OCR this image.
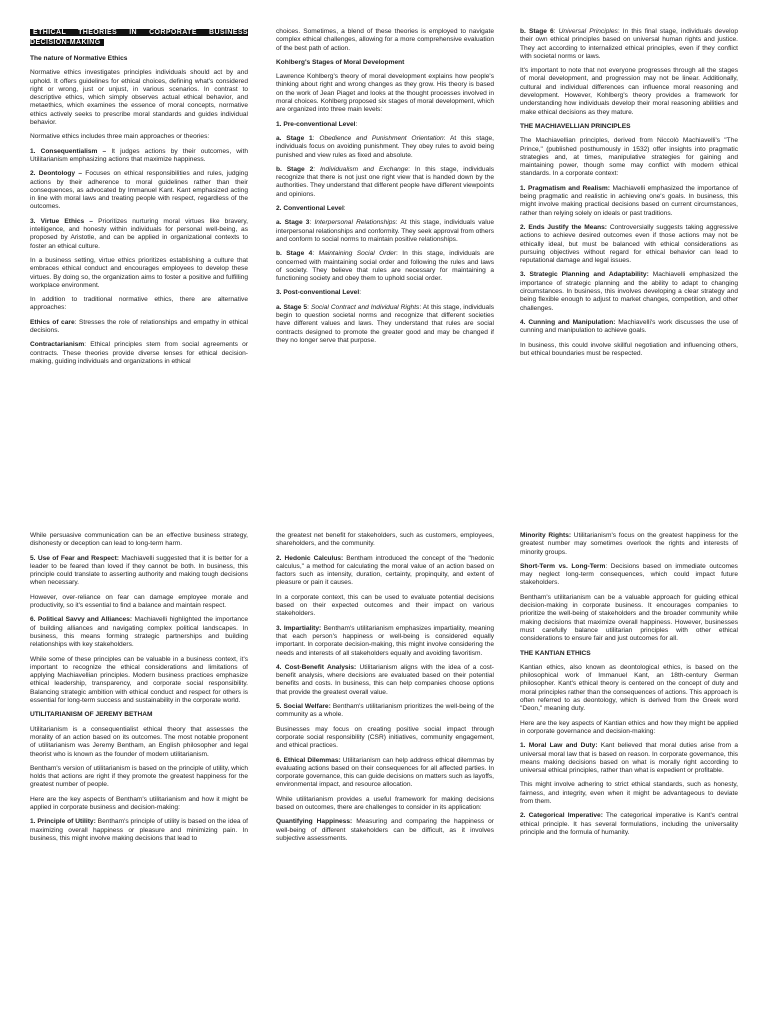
ETHICAL THEORIES IN CORPORATE BUSINESS DECISION-MAKING

The nature of Normative Ethics

Normative ethics investigates principles individuals should act by and uphold. It offers guidelines for ethical choices, defining what's considered right or wrong, just or unjust, in various scenarios. In contrast to descriptive ethics, which simply observes actual ethical behavior, and metaethics, which examines the essence of moral concepts, normative ethics actively seeks to prescribe moral standards and guides individual behavior.

Normative ethics includes three main approaches or theories:

1. Consequentialism – It judges actions by their outcomes, with Utilitarianism emphasizing actions that maximize happiness.

2. Deontology – Focuses on ethical responsibilities and rules, judging actions by their adherence to moral guidelines rather than their consequences, as advocated by Immanuel Kant. Kant emphasized acting in line with moral laws and treating people with respect, regardless of the outcomes.

3. Virtue Ethics – Prioritizes nurturing moral virtues like bravery, intelligence, and honesty within individuals for personal well-being, as proposed by Aristotle, and can be applied in organizational contexts to foster an ethical culture.

In a business setting, virtue ethics prioritizes establishing a culture that embraces ethical conduct and encourages employees to develop these virtues. By doing so, the organization aims to foster a positive and fulfilling workplace environment.

In addition to traditional normative ethics, there are alternative approaches:

Ethics of care: Stresses the role of relationships and empathy in ethical decisions.

Contractarianism: Ethical principles stem from social agreements or contracts. These theories provide diverse lenses for ethical decision-making, guiding individuals and organizations in ethical

choices. Sometimes, a blend of these theories is employed to navigate complex ethical challenges, allowing for a more comprehensive evaluation of the best path of action.

Kohlberg's Stages of Moral Development

Lawrence Kohlberg's theory of moral development explains how people's thinking about right and wrong changes as they grow. His theory is based on the work of Jean Piaget and looks at the thought processes involved in moral choices. Kohlberg proposed six stages of moral development, which are organized into three main levels:

1. Pre-conventional Level:

a. Stage 1: Obedience and Punishment Orientation: At this stage, individuals focus on avoiding punishment. They obey rules to avoid being punished and view rules as fixed and absolute.

b. Stage 2: Individualism and Exchange: In this stage, individuals recognize that there is not just one right view that is handed down by the authorities. They understand that different people have different viewpoints and opinions.

2. Conventional Level:

a. Stage 3: Interpersonal Relationships: At this stage, individuals value interpersonal relationships and conformity. They seek approval from others and conform to social norms to maintain positive relationships.

b. Stage 4: Maintaining Social Order: In this stage, individuals are concerned with maintaining social order and following the rules and laws of society. They believe that rules are necessary for maintaining a functioning society and obey them to uphold social order.

3. Post-conventional Level:

a. Stage 5: Social Contract and Individual Rights: At this stage, individuals begin to question societal norms and recognize that different societies have different values and laws. They understand that rules are social contracts designed to promote the greater good and may be changed if they no longer serve that purpose.

b. Stage 6: Universal Principles: In this final stage, individuals develop their own ethical principles based on universal human rights and justice. They act according to internalized ethical principles, even if they conflict with societal norms or laws.

It's important to note that not everyone progresses through all the stages of moral development, and progression may not be linear. Additionally, cultural and individual differences can influence moral reasoning and development. However, Kohlberg's theory provides a framework for understanding how individuals develop their moral reasoning abilities and make ethical decisions as they mature.

THE MACHIAVELLIAN PRINCIPLES

The Machiavellian principles, derived from Niccolò Machiavelli's "The Prince," (published posthumously in 1532) offer insights into pragmatic strategies and, at times, manipulative strategies for gaining and maintaining power, though some may conflict with modern ethical standards. In a corporate context:

1. Pragmatism and Realism: Machiavelli emphasized the importance of being pragmatic and realistic in achieving one's goals. In business, this might involve making practical decisions based on current circumstances, rather than relying solely on ideals or past traditions.

2. Ends Justify the Means: Controversially suggests taking aggressive actions to achieve desired outcomes even if those actions may not be ethically ideal, but must be balanced with ethical considerations as pursuing objectives without regard for ethical behavior can lead to reputational damage and legal issues.

3. Strategic Planning and Adaptability: Machiavelli emphasized the importance of strategic planning and the ability to adapt to changing circumstances. In business, this involves developing a clear strategy and being flexible enough to adjust to market changes, competition, and other challenges.

4. Cunning and Manipulation: Machiavelli's work discusses the use of cunning and manipulation to achieve goals.

In business, this could involve skillful negotiation and influencing others, but ethical boundaries must be respected.

While persuasive communication can be an effective business strategy, dishonesty or deception can lead to long-term harm.

5. Use of Fear and Respect: Machiavelli suggested that it is better for a leader to be feared than loved if they cannot be both. In business, this principle could translate to asserting authority and making tough decisions when necessary.

However, over-reliance on fear can damage employee morale and productivity, so it's essential to find a balance and maintain respect.

6. Political Savvy and Alliances: Machiavelli highlighted the importance of building alliances and navigating complex political landscapes. In business, this means forming strategic partnerships and building relationships with key stakeholders.

While some of these principles can be valuable in a business context, it's important to recognize the ethical considerations and limitations of applying Machiavellian principles. Modern business practices emphasize ethical leadership, transparency, and corporate social responsibility. Balancing strategic ambition with ethical conduct and respect for others is essential for long-term success and sustainability in the corporate world.

UTILITARIANISM OF JEREMY BETHAM

Utilitarianism is a consequentialist ethical theory that assesses the morality of an action based on its outcomes. The most notable proponent of utilitarianism was Jeremy Bentham, an English philosopher and legal theorist who is known as the founder of modern utilitarianism.

Bentham's version of utilitarianism is based on the principle of utility, which holds that actions are right if they promote the greatest happiness for the greatest number of people.

Here are the key aspects of Bentham's utilitarianism and how it might be applied in corporate business and decision-making:

1. Principle of Utility: Bentham's principle of utility is based on the idea of maximizing overall happiness or pleasure and minimizing pain. In business, this might involve making decisions that lead to

the greatest net benefit for stakeholders, such as customers, employees, shareholders, and the community.

2. Hedonic Calculus: Bentham introduced the concept of the "hedonic calculus," a method for calculating the moral value of an action based on factors such as intensity, duration, certainty, propinquity, and extent of pleasure or pain it causes.

In a corporate context, this can be used to evaluate potential decisions based on their expected outcomes and their impact on various stakeholders.

3. Impartiality: Bentham's utilitarianism emphasizes impartiality, meaning that each person's happiness or well-being is considered equally important. In corporate decision-making, this might involve considering the needs and interests of all stakeholders equally and avoiding favoritism.

4. Cost-Benefit Analysis: Utilitarianism aligns with the idea of a cost-benefit analysis, where decisions are evaluated based on their potential benefits and costs. In business, this can help companies choose options that provide the greatest overall value.

5. Social Welfare: Bentham's utilitarianism prioritizes the well-being of the community as a whole.

Businesses may focus on creating positive social impact through corporate social responsibility (CSR) initiatives, community engagement, and ethical practices.

6. Ethical Dilemmas: Utilitarianism can help address ethical dilemmas by evaluating actions based on their consequences for all affected parties. In corporate governance, this can guide decisions on matters such as layoffs, environmental impact, and resource allocation.

While utilitarianism provides a useful framework for making decisions based on outcomes, there are challenges to consider in its application:

Quantifying Happiness: Measuring and comparing the happiness or well-being of different stakeholders can be difficult, as it involves subjective assessments.

Minority Rights: Utilitarianism's focus on the greatest happiness for the greatest number may sometimes overlook the rights and interests of minority groups.

Short-Term vs. Long-Term: Decisions based on immediate outcomes may neglect long-term consequences, which could impact future stakeholders.

Bentham's utilitarianism can be a valuable approach for guiding ethical decision-making in corporate business. It encourages companies to prioritize the well-being of stakeholders and the broader community while making decisions that maximize overall happiness. However, businesses must carefully balance utilitarian principles with other ethical considerations to ensure fair and just outcomes for all.

THE KANTIAN ETHICS

Kantian ethics, also known as deontological ethics, is based on the philosophical work of Immanuel Kant, an 18th-century German philosopher. Kant's ethical theory is centered on the concept of duty and moral principles rather than the consequences of actions. This approach is often referred to as deontology, which is derived from the Greek word "Deon," meaning duty.

Here are the key aspects of Kantian ethics and how they might be applied in corporate governance and decision-making:

1. Moral Law and Duty: Kant believed that moral duties arise from a universal moral law that is based on reason. In corporate governance, this means making decisions based on what is morally right according to universal ethical principles, rather than what is expedient or profitable.

This might involve adhering to strict ethical standards, such as honesty, fairness, and integrity, even when it might be advantageous to deviate from them.

2. Categorical Imperative: The categorical imperative is Kant's central ethical principle. It has several formulations, including the universality principle and the formula of humanity.
